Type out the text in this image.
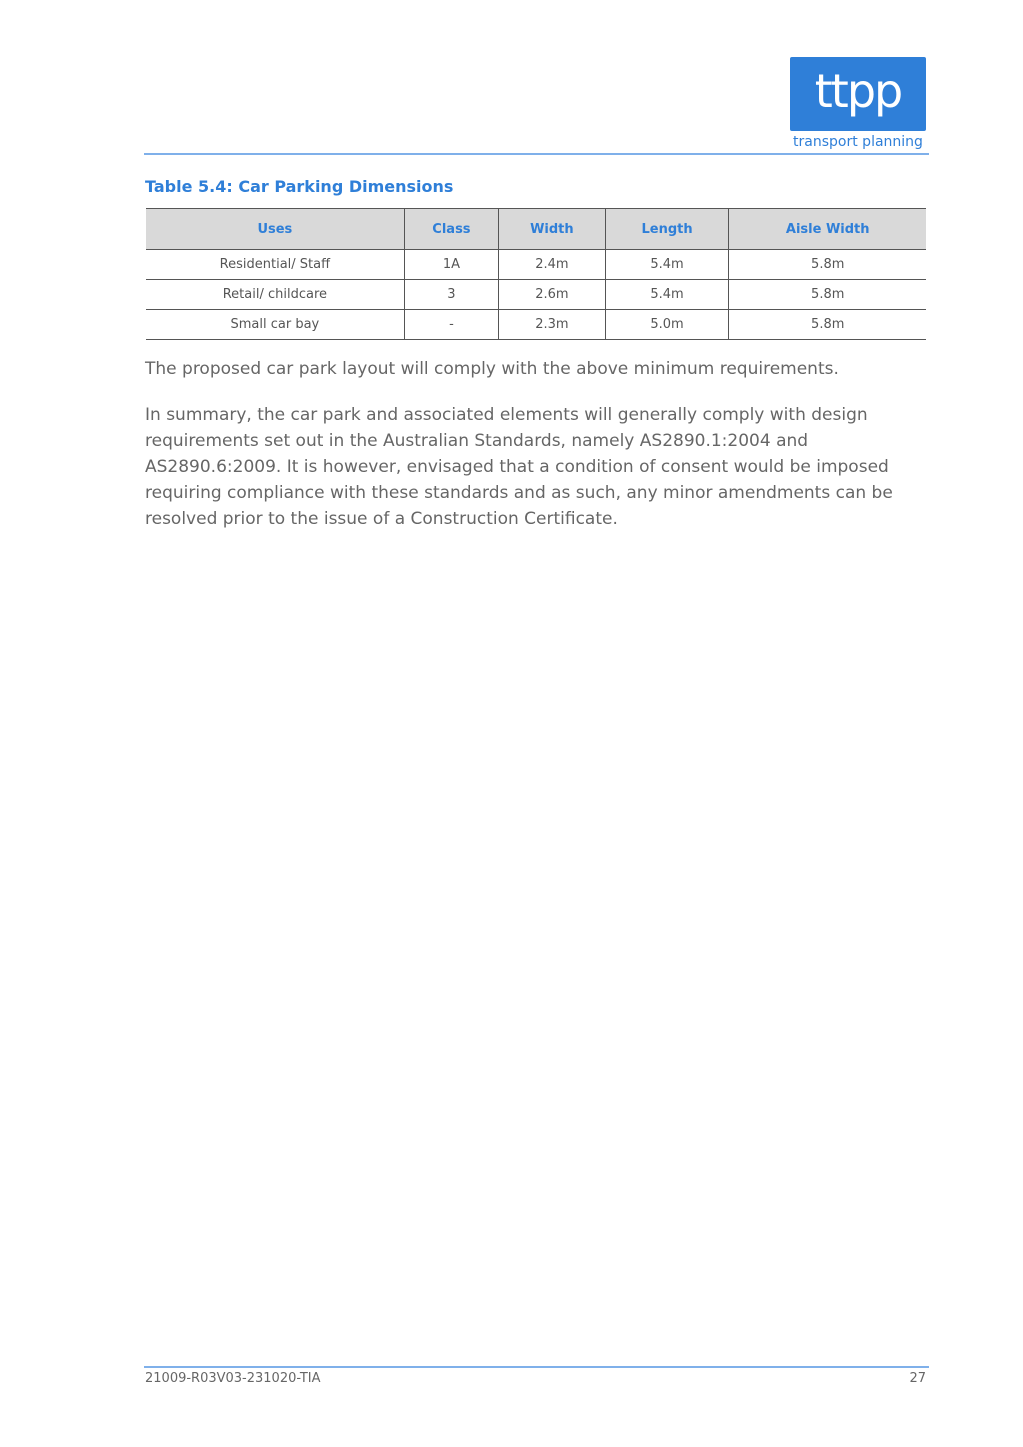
ttpp
transport planning
Table 5.4: Car Parking Dimensions
Uses	Class	Width	Length	Aisle Width
Residential/ Staff	1A	2.4m	5.4m	5.8m
Retail/ childcare	3	2.6m	5.4m	5.8m
Small car bay	-	2.3m	5.0m	5.8m

The proposed car park layout will comply with the above minimum requirements.

In summary, the car park and associated elements will generally comply with design requirements set out in the Australian Standards, namely AS2890.1:2004 and AS2890.6:2009. It is however, envisaged that a condition of consent would be imposed requiring compliance with these standards and as such, any minor amendments can be resolved prior to the issue of a Construction Certificate.

21009-R03V03-231020-TIA	27
